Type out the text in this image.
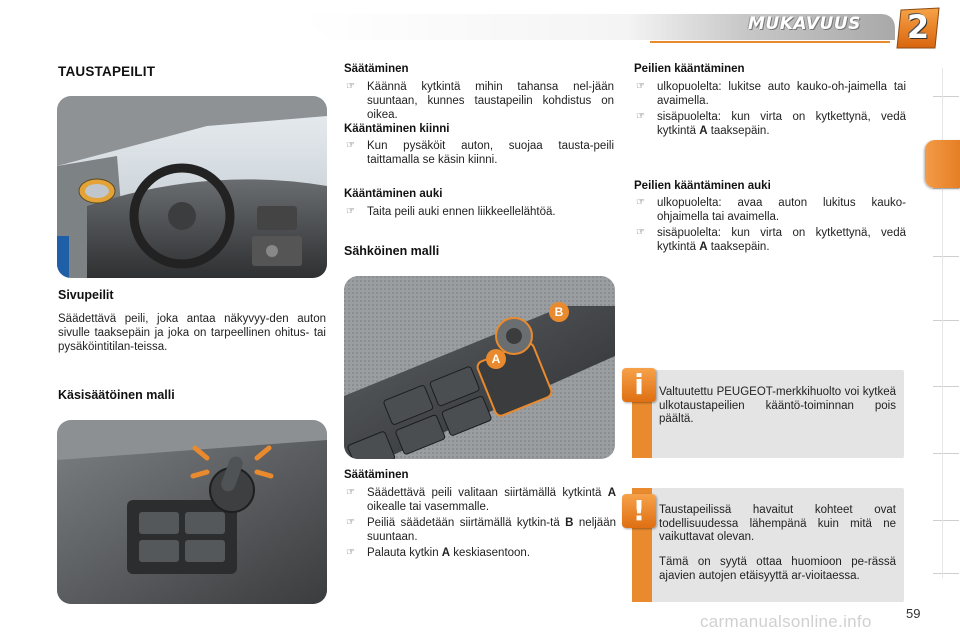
MUKAVUUS	2
TAUSTAPEILIT
Sivupeilit
Säädettävä peili, joka antaa näkyvyy-den auton sivulle taaksepäin ja joka on tarpeellinen ohitus- tai pysäköintitilan-teissa.
Käsisäätöinen malli
Säätäminen
☞ Käännä kytkintä mihin tahansa nel-jään suuntaan, kunnes taustapeilin kohdistus on oikea.
Kääntäminen kiinni
☞ Kun pysäköit auton, suojaa tausta-peili taittamalla se käsin kiinni.
Kääntäminen auki
☞ Taita peili auki ennen liikkeellelähtöä.
Sähköinen malli
B
A
Säätäminen
☞ Säädettävä peili valitaan siirtämällä kytkintä A oikealle tai vasemmalle.
☞ Peiliä säädetään siirtämällä kytkin-tä B neljään suuntaan.
☞ Palauta kytkin A keskiasentoon.
Peilien kääntäminen
☞ ulkopuolelta: lukitse auto kauko-oh-jaimella tai avaimella.
☞ sisäpuolelta: kun virta on kytkettynä, vedä kytkintä A taaksepäin.
Peilien kääntäminen auki
☞ ulkopuolelta: avaa auton lukitus kauko-ohjaimella tai avaimella.
☞ sisäpuolelta: kun virta on kytkettynä, vedä kytkintä A taaksepäin.
Valtuutettu PEUGEOT-merkkihuolto voi kytkeä ulkotaustapeilien kääntö-toiminnan pois päältä.
i
Taustapeilissä havaitut kohteet ovat todellisuudessa lähempänä kuin mitä ne vaikuttavat olevan.
Tämä on syytä ottaa huomioon pe-rässä ajavien autojen etäisyyttä ar-vioitaessa.
!
59
carmanualsonline.info
